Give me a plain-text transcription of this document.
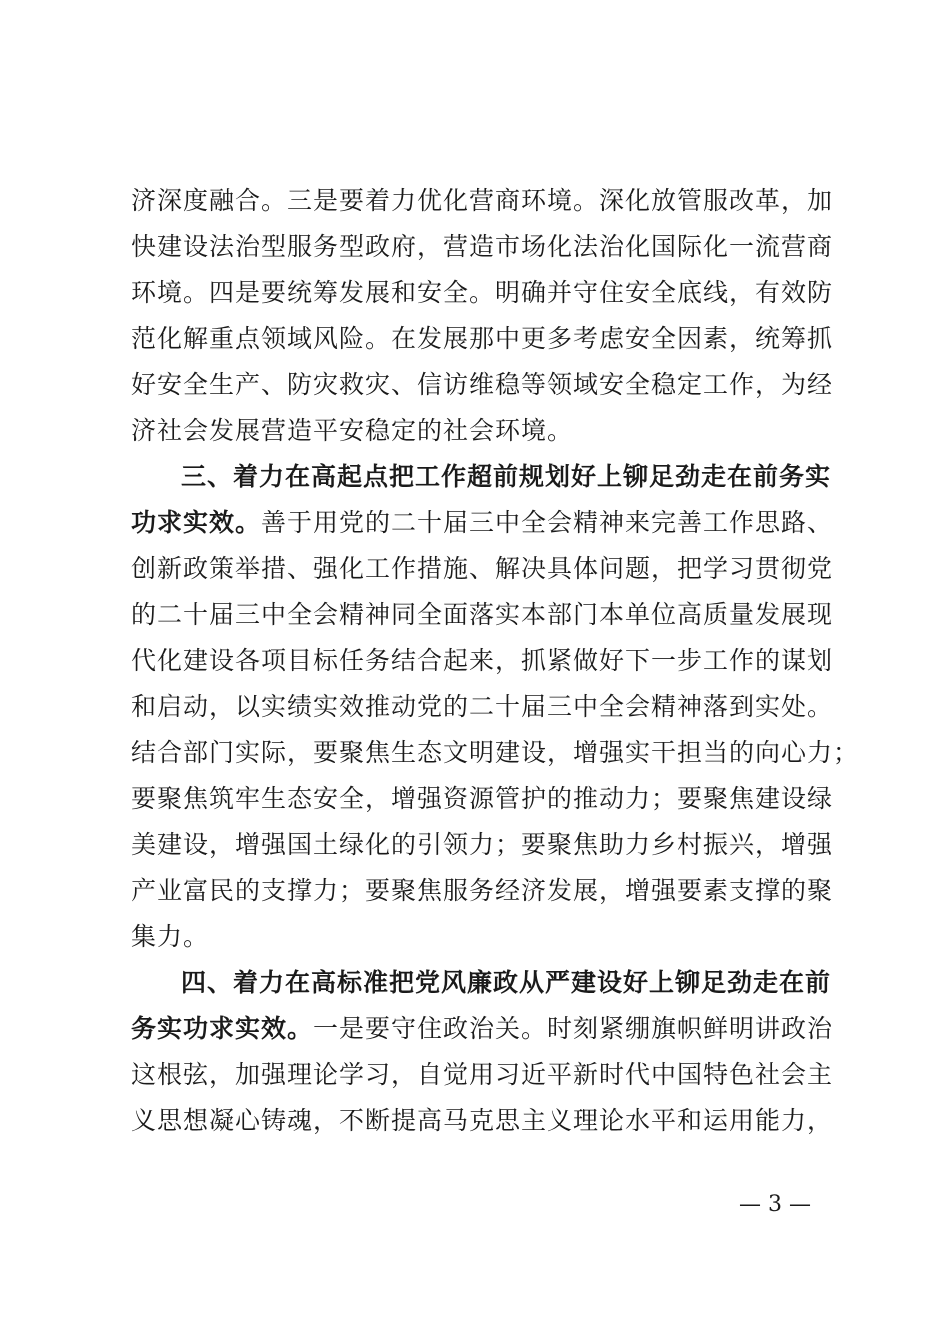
济深度融合。三是要着力优化营商环境。深化放管服改革，加
快建设法治型服务型政府，营造市场化法治化国际化一流营商
环境。四是要统筹发展和安全。明确并守住安全底线，有效防
范化解重点领域风险。在发展那中更多考虑安全因素，统筹抓
好安全生产、防灾救灾、信访维稳等领域安全稳定工作，为经
济社会发展营造平安稳定的社会环境。
三、着力在高起点把工作超前规划好上铆足劲走在前务实
功求实效。善于用党的二十届三中全会精神来完善工作思路、
创新政策举措、强化工作措施、解决具体问题，把学习贯彻党
的二十届三中全会精神同全面落实本部门本单位高质量发展现
代化建设各项目标任务结合起来，抓紧做好下一步工作的谋划
和启动，以实绩实效推动党的二十届三中全会精神落到实处。
结合部门实际，要聚焦生态文明建设，增强实干担当的向心力；
要聚焦筑牢生态安全，增强资源管护的推动力；要聚焦建设绿
美建设，增强国土绿化的引领力；要聚焦助力乡村振兴，增强
产业富民的支撑力；要聚焦服务经济发展，增强要素支撑的聚
集力。
四、着力在高标准把党风廉政从严建设好上铆足劲走在前
务实功求实效。一是要守住政治关。时刻紧绷旗帜鲜明讲政治
这根弦，加强理论学习，自觉用习近平新时代中国特色社会主
义思想凝心铸魂，不断提高马克思主义理论水平和运用能力，
— 3 —
